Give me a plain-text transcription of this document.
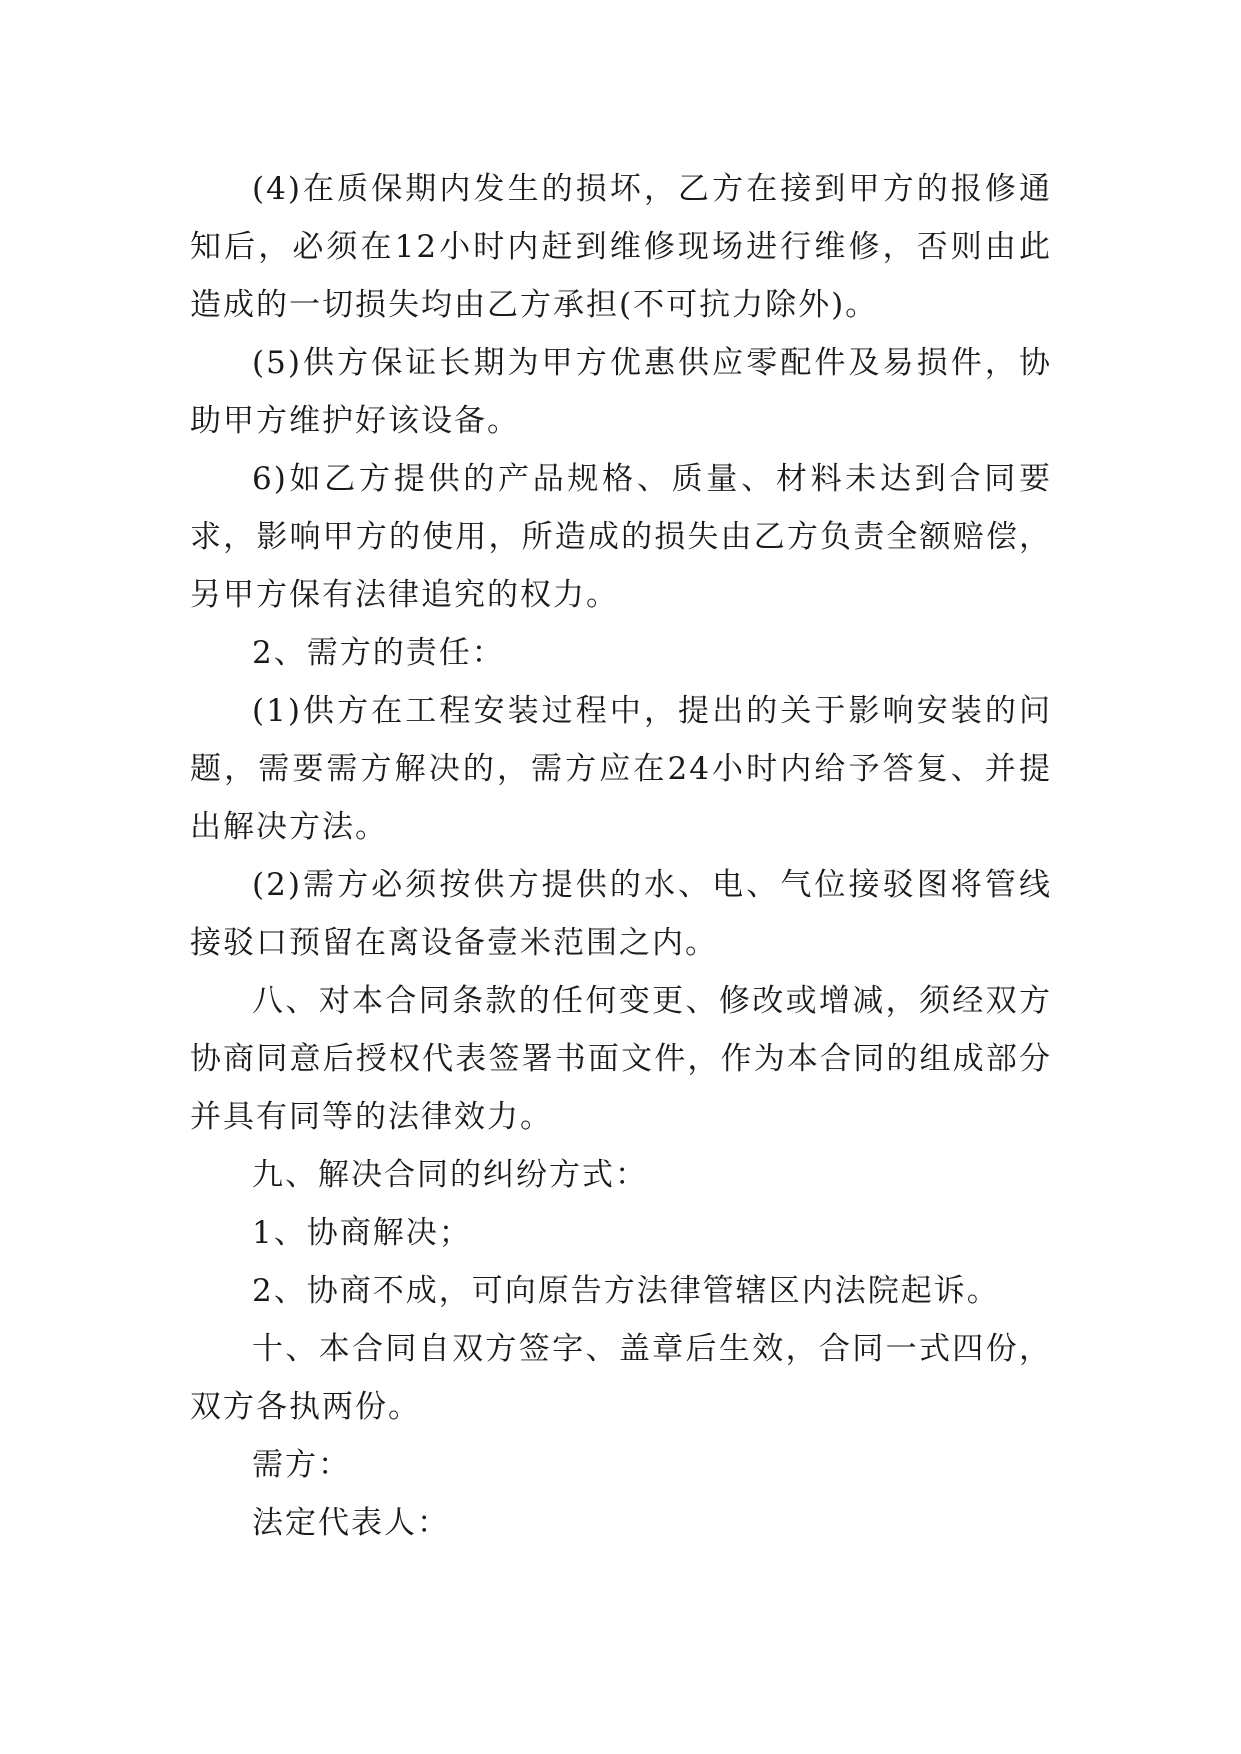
(4)在质保期内发生的损坏，乙方在接到甲方的报修通知后，必须在12小时内赶到维修现场进行维修，否则由此造成的一切损失均由乙方承担(不可抗力除外)。

(5)供方保证长期为甲方优惠供应零配件及易损件，协助甲方维护好该设备。

6)如乙方提供的产品规格、质量、材料未达到合同要求，影响甲方的使用，所造成的损失由乙方负责全额赔偿，另甲方保有法律追究的权力。

2、需方的责任：

(1)供方在工程安装过程中，提出的关于影响安装的问题，需要需方解决的，需方应在24小时内给予答复、并提出解决方法。

(2)需方必须按供方提供的水、电、气位接驳图将管线接驳口预留在离设备壹米范围之内。

八、对本合同条款的任何变更、修改或增减，须经双方协商同意后授权代表签署书面文件，作为本合同的组成部分并具有同等的法律效力。

九、解决合同的纠纷方式：

1、协商解决；

2、协商不成，可向原告方法律管辖区内法院起诉。

十、本合同自双方签字、盖章后生效，合同一式四份，双方各执两份。

需方：

法定代表人：
